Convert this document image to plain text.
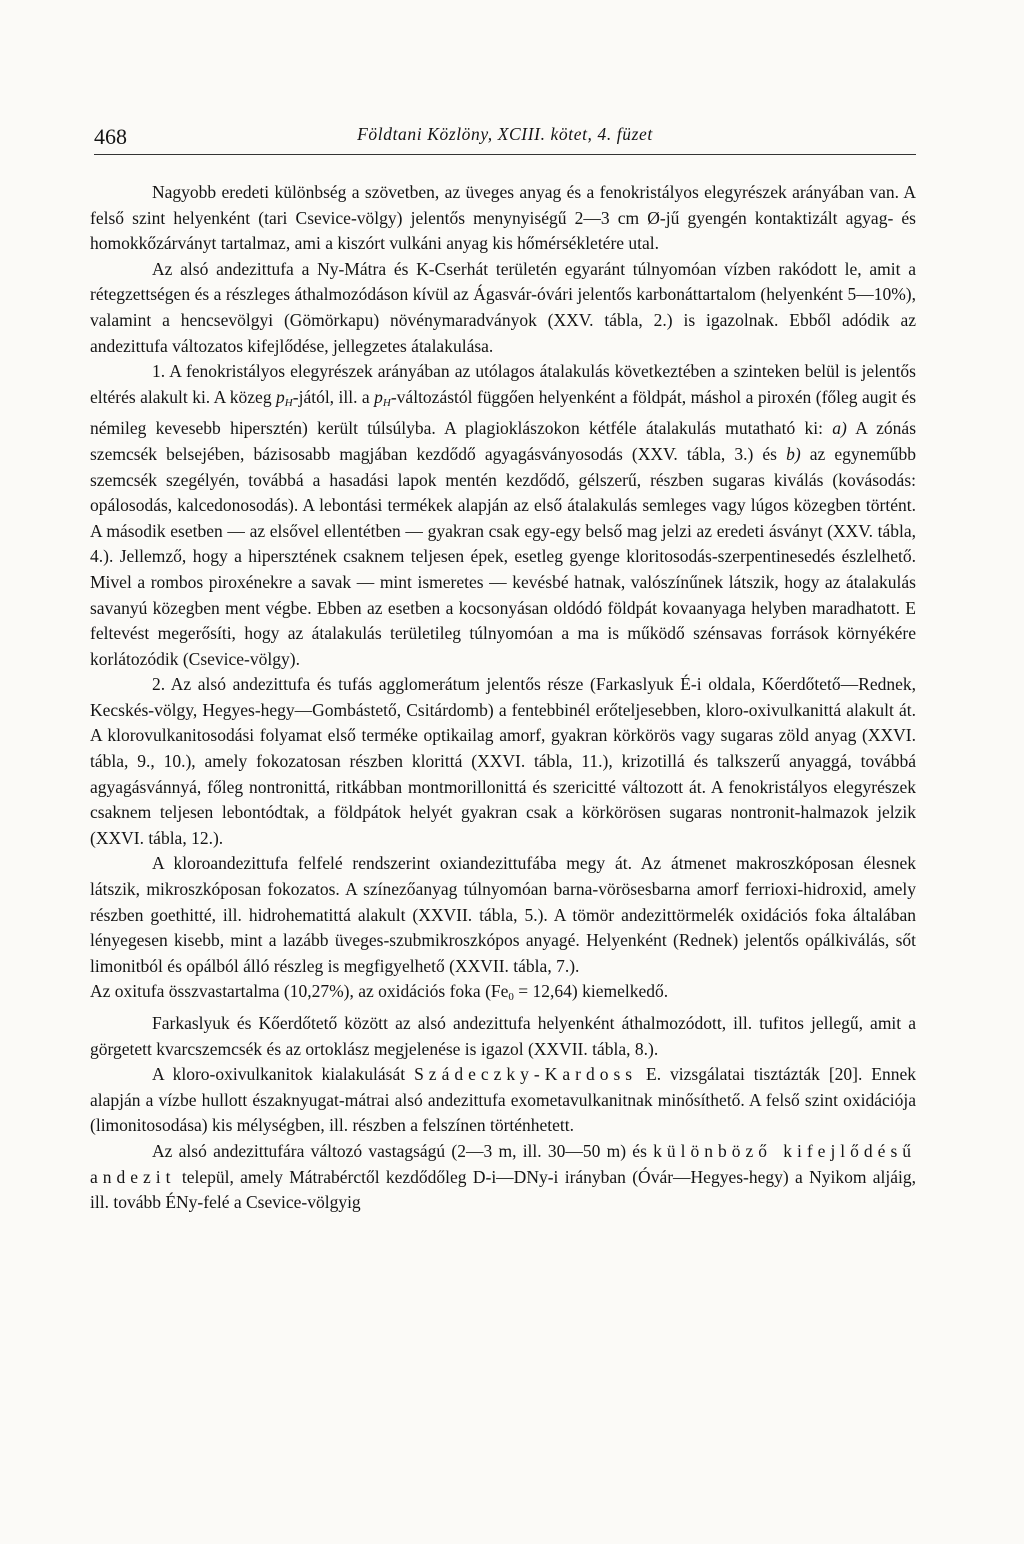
468	Földtani Közlöny, XCIII. kötet, 4. füzet

Nagyobb eredeti különbség a szövetben, az üveges anyag és a fenokristályos elegyrészek arányában van. A felső szint helyenként (tari Csevice-völgy) jelentős menynyiségű 2—3 cm Ø-jű gyengén kontaktizált agyag- és homokkőzárványt tartalmaz, ami a kiszórt vulkáni anyag kis hőmérsékletére utal.

Az alsó andezittufa a Ny-Mátra és K-Cserhát területén egyaránt túlnyomóan vízben rakódott le, amit a rétegzettségen és a részleges áthalmozódáson kívül az Ágasvár-óvári jelentős karbonáttartalom (helyenként 5—10%), valamint a hencsevölgyi (Gömörkapu) növénymaradványok (XXV. tábla, 2.) is igazolnak. Ebből adódik az andezittufa változatos kifejlődése, jellegzetes átalakulása.

1. A fenokristályos elegyrészek arányában az utólagos átalakulás következtében a szinteken belül is jelentős eltérés alakult ki. A közeg $p_H$-jától, ill. a $p_H$-változástól függően helyenként a földpát, máshol a piroxén (főleg augit és némileg kevesebb hipersztén) került túlsúlyba. A plagioklászokon kétféle átalakulás mutatható ki: a) A zónás szemcsék belsejében, bázisosabb magjában kezdődő agyagásványosodás (XXV. tábla, 3.) és b) az egyneműbb szemcsék szegélyén, továbbá a hasadási lapok mentén kezdődő, gélszerű, részben sugaras kiválás (kovásodás: opálosodás, kalcedonosodás). A lebontási termékek alapján az első átalakulás semleges vagy lúgos közegben történt. A második esetben — az elsővel ellentétben — gyakran csak egy-egy belső mag jelzi az eredeti ásványt (XXV. tábla, 4.). Jellemző, hogy a hipersztének csaknem teljesen épek, esetleg gyenge kloritosodás-szerpentinesedés észlelhető. Mivel a rombos piroxénekre a savak — mint ismeretes — kevésbé hatnak, valószínűnek látszik, hogy az átalakulás savanyú közegben ment végbe. Ebben az esetben a kocsonyásan oldódó földpát kovaanyaga helyben maradhatott. E feltevést megerősíti, hogy az átalakulás területileg túlnyomóan a ma is működő szénsavas források környékére korlátozódik (Csevice-völgy).

2. Az alsó andezittufa és tufás agglomerátum jelentős része (Farkaslyuk É-i oldala, Kőerdőtető—Rednek, Kecskés-völgy, Hegyes-hegy—Gombástető, Csitárdomb) a fentebbinél erőteljesebben, kloro-oxivulkanittá alakult át. A klorovulkanitosodási folyamat első terméke optikailag amorf, gyakran körkörös vagy sugaras zöld anyag (XXVI. tábla, 9., 10.), amely fokozatosan részben klorittá (XXVI. tábla, 11.), krizotillá és talkszerű anyaggá, továbbá agyagásvánnyá, főleg nontronittá, ritkábban montmorillonittá és szericitté változott át. A fenokristályos elegyrészek csaknem teljesen lebontódtak, a földpátok helyét gyakran csak a körkörösen sugaras nontronit-halmazok jelzik (XXVI. tábla, 12.).

A kloroandezittufa felfelé rendszerint oxiandezittufába megy át. Az átmenet makroszkóposan élesnek látszik, mikroszkóposan fokozatos. A színezőanyag túlnyomóan barna-vörösesbarna amorf ferrioxi-hidroxid, amely részben goethitté, ill. hidrohematittá alakult (XXVII. tábla, 5.). A tömör andezittörmelék oxidációs foka általában lényegesen kisebb, mint a lazább üveges-szubmikroszkópos anyagé. Helyenként (Rednek) jelentős opálkiválás, sőt limonitból és opálból álló részleg is megfigyelhető (XXVII. tábla, 7.).

Az oxitufa összvastartalma (10,27%), az oxidációs foka $(Fe_0 = 12,64)$ kiemelkedő.

Farkaslyuk és Kőerdőtető között az alsó andezittufa helyenként áthalmozódott, ill. tufitos jellegű, amit a görgetett kvarcszemcsék és az ortoklász megjelenése is igazol (XXVII. tábla, 8.).

A kloro-oxivulkanitok kialakulását Szádeczky-Kardoss E. vizsgálatai tisztázták [20]. Ennek alapján a vízbe hullott északnyugat-mátrai alsó andezittufa exometavulkanitnak minősíthető. A felső szint oxidációja (limonitosodása) kis mélységben, ill. részben a felszínen történhetett.

Az alsó andezittufára változó vastagságú (2—3 m, ill. 30—50 m) és különböző kifejlődésű andezit települ, amely Mátrabérctől kezdődőleg D-i—DNy-i irányban (Óvár—Hegyes-hegy) a Nyikom aljáig, ill. tovább ÉNy-felé a Csevice-völgyig
